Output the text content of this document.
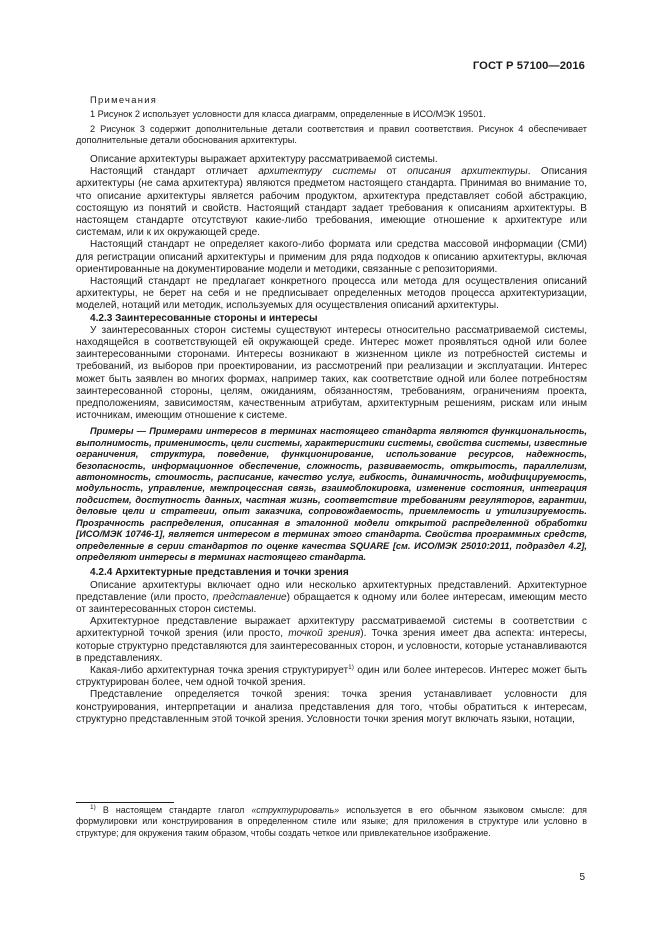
ГОСТ Р 57100—2016
Примечания

1 Рисунок 2 использует условности для класса диаграмм, определенные в ИСО/МЭК 19501.

2 Рисунок 3 содержит дополнительные детали соответствия и правил соответствия. Рисунок 4 обеспечивает дополнительные детали обоснования архитектуры.

Описание архитектуры выражает архитектуру рассматриваемой системы.

Настоящий стандарт отличает архитектуру системы от описания архитектуры. Описания архитектуры (не сама архитектура) являются предметом настоящего стандарта. Принимая во внимание то, что описание архитектуры является рабочим продуктом, архитектура представляет собой абстракцию, состоящую из понятий и свойств. Настоящий стандарт задает требования к описаниям архитектуры. В настоящем стандарте отсутствуют какие-либо требования, имеющие отношение к архитектуре или системам, или к их окружающей среде.

Настоящий стандарт не определяет какого-либо формата или средства массовой информации (СМИ) для регистрации описаний архитектуры и применим для ряда подходов к описанию архитектуры, включая ориентированные на документирование модели и методики, связанные с репозиториями.

Настоящий стандарт не предлагает конкретного процесса или метода для осуществления описаний архитектуры, не берет на себя и не предписывает определенных методов процесса архитектуризации, моделей, нотаций или методик, используемых для осуществления описаний архитектуры.

4.2.3 Заинтересованные стороны и интересы

У заинтересованных сторон системы существуют интересы относительно рассматриваемой системы, находящейся в соответствующей ей окружающей среде. Интерес может проявляться одной или более заинтересованными сторонами. Интересы возникают в жизненном цикле из потребностей системы и требований, из выборов при проектировании, из рассмотрений при реализации и эксплуатации. Интерес может быть заявлен во многих формах, например таких, как соответствие одной или более потребностям заинтересованной стороны, целям, ожиданиям, обязанностям, требованиям, ограничениям проекта, предположениям, зависимостям, качественным атрибутам, архитектурным решениям, рискам или иным источникам, имеющим отношение к системе.

Примеры — Примерами интересов в терминах настоящего стандарта являются функциональность, выполнимость, применимость, цели системы, характеристики системы, свойства системы, известные ограничения, структура, поведение, функционирование, использование ресурсов, надежность, безопасность, информационное обеспечение, сложность, развиваемость, открытость, параллелизм, автономность, стоимость, расписание, качество услуг, гибкость, динамичность, модифицируемость, модульность, управление, межпроцессная связь, взаимоблокировка, изменение состояния, интеграция подсистем, доступность данных, частная жизнь, соответствие требованиям регуляторов, гарантии, деловые цели и стратегии, опыт заказчика, сопровождаемость, приемлемость и утилизируемость. Прозрачность распределения, описанная в эталонной модели открытой распределенной обработки [ИСО/МЭК 10746-1], является интересом в терминах этого стандарта. Свойства программных средств, определенные в серии стандартов по оценке качества SQUARE [см. ИСО/МЭК 25010:2011, подраздел 4.2], определяют интересы в терминах настоящего стандарта.

4.2.4 Архитектурные представления и точки зрения

Описание архитектуры включает одно или несколько архитектурных представлений. Архитектурное представление (или просто, представление) обращается к одному или более интересам, имеющим место от заинтересованных сторон системы.

Архитектурное представление выражает архитектуру рассматриваемой системы в соответствии с архитектурной точкой зрения (или просто, точкой зрения). Точка зрения имеет два аспекта: интересы, которые структурно представляются для заинтересованных сторон, и условности, которые устанавливаются в представлениях.

Какая-либо архитектурная точка зрения структурирует$^{1)}$ один или более интересов. Интерес может быть структурирован более, чем одной точкой зрения.

Представление определяется точкой зрения: точка зрения устанавливает условности для конструирования, интерпретации и анализа представления для того, чтобы обратиться к интересам, структурно представленным этой точкой зрения. Условности точки зрения могут включать языки, нотации,

$^{1)}$ В настоящем стандарте глагол «структурировать» используется в его обычном языковом смысле: для формулировки или конструирования в определенном стиле или языке; для приложения в структуре или условно в структуре; для окружения таким образом, чтобы создать четкое или привлекательное изображение.

5
